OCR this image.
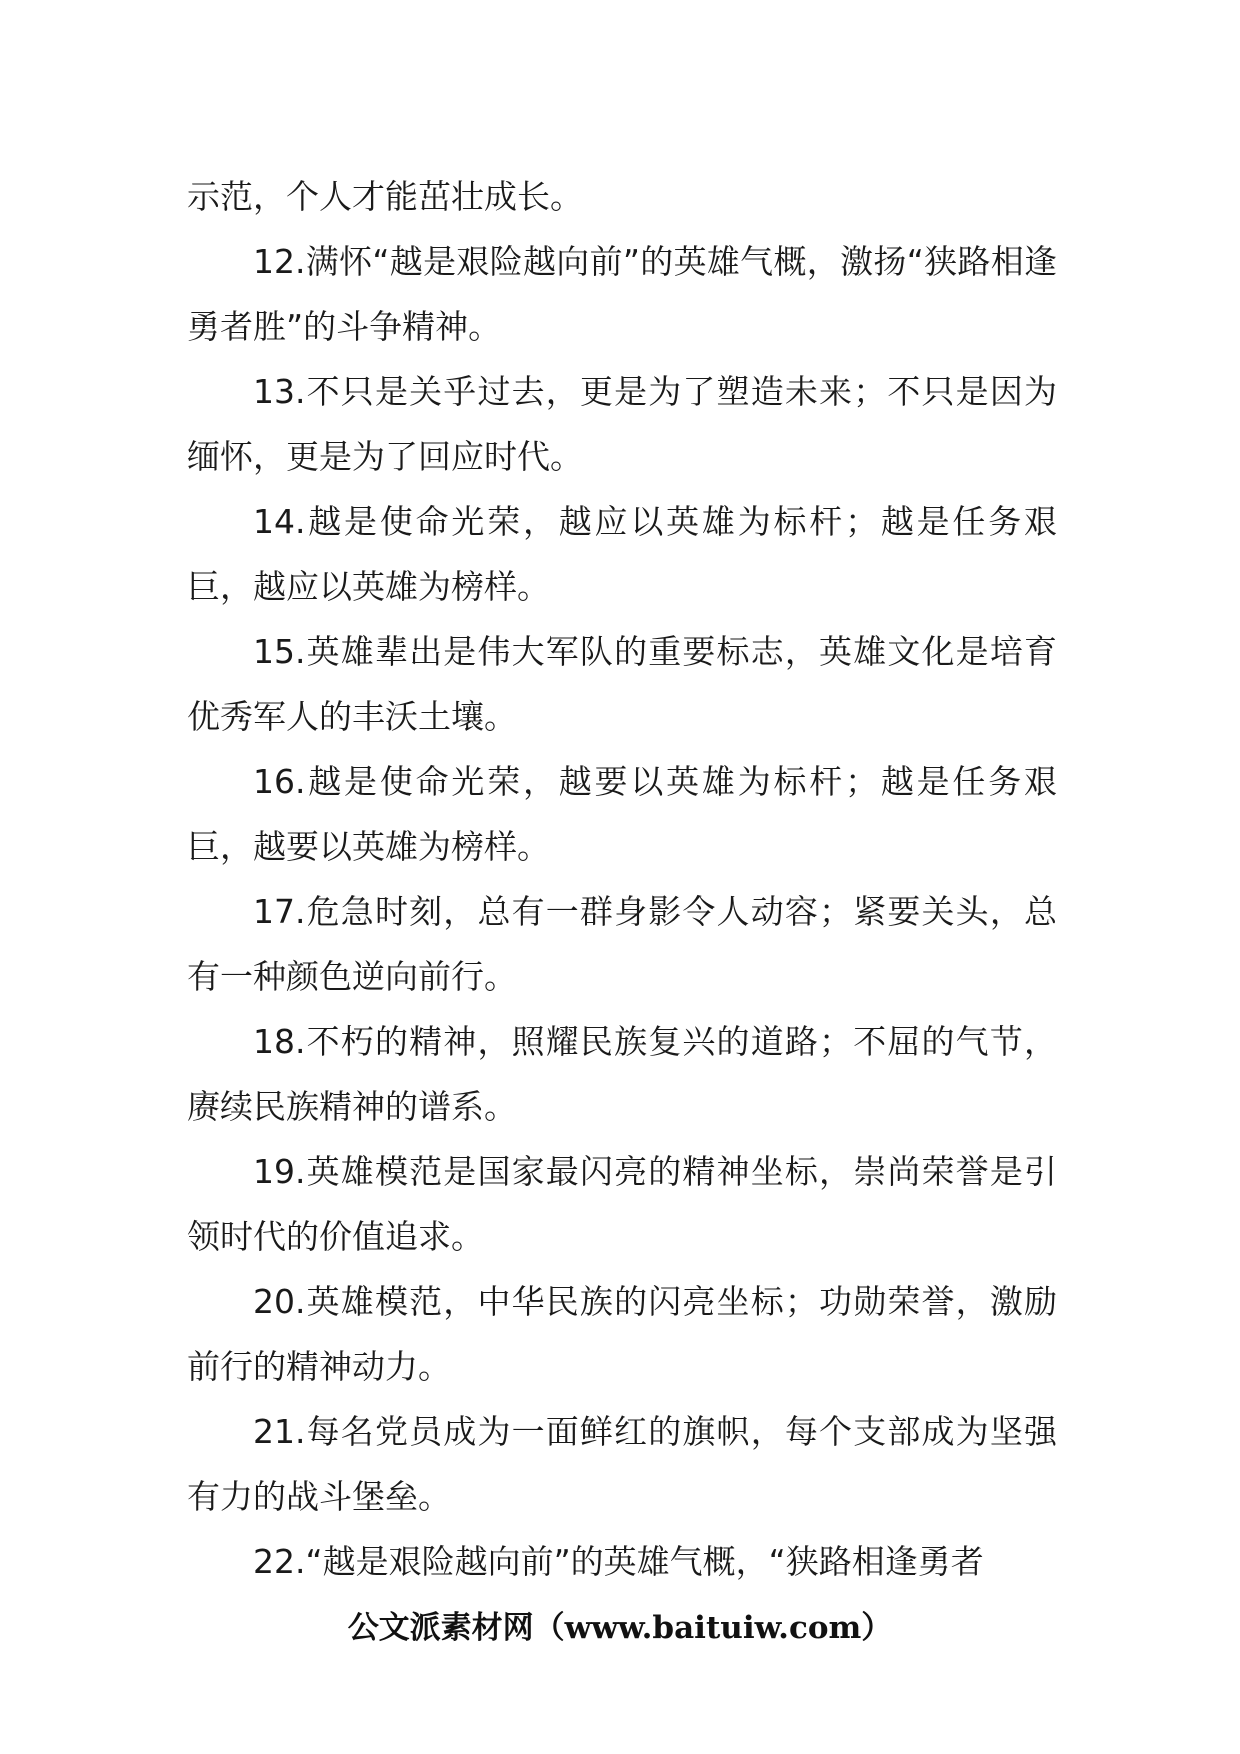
示范，个人才能茁壮成长。

12.满怀“越是艰险越向前”的英雄气概，激扬“狭路相逢勇者胜”的斗争精神。

13.不只是关乎过去，更是为了塑造未来；不只是因为缅怀，更是为了回应时代。

14.越是使命光荣，越应以英雄为标杆；越是任务艰巨，越应以英雄为榜样。

15.英雄辈出是伟大军队的重要标志，英雄文化是培育优秀军人的丰沃土壤。

16.越是使命光荣，越要以英雄为标杆；越是任务艰巨，越要以英雄为榜样。

17.危急时刻，总有一群身影令人动容；紧要关头，总有一种颜色逆向前行。

18.不朽的精神，照耀民族复兴的道路；不屈的气节，赓续民族精神的谱系。

19.英雄模范是国家最闪亮的精神坐标，崇尚荣誉是引领时代的价值追求。

20.英雄模范，中华民族的闪亮坐标；功勋荣誉，激励前行的精神动力。

21.每名党员成为一面鲜红的旗帜，每个支部成为坚强有力的战斗堡垒。

22.“越是艰险越向前”的英雄气概，“狭路相逢勇者

公文派素材网（www.baituiw.com）
